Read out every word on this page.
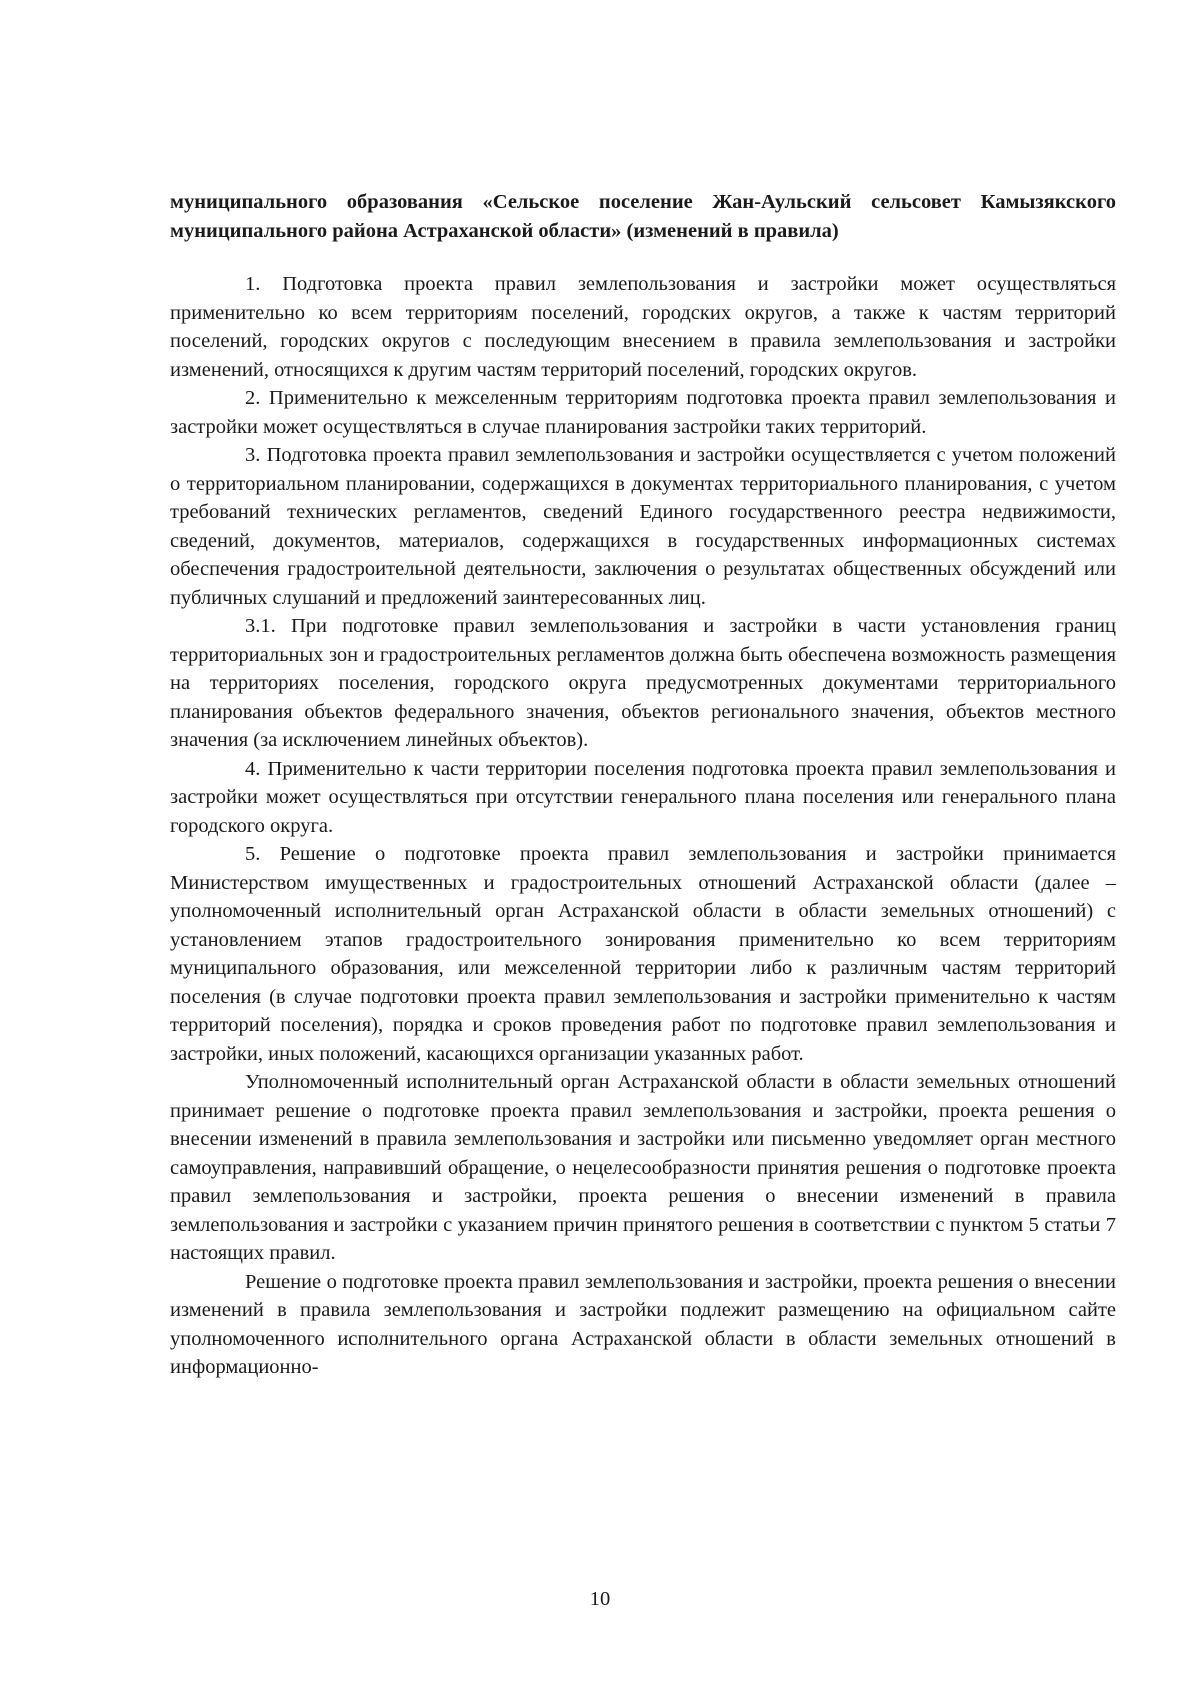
муниципального образования «Сельское поселение Жан-Аульский сельсовет Камызякского муниципального района Астраханской области» (изменений в правила)

1. Подготовка проекта правил землепользования и застройки может осуществляться применительно ко всем территориям поселений, городских округов, а также к частям территорий поселений, городских округов с последующим внесением в правила землепользования и застройки изменений, относящихся к другим частям территорий поселений, городских округов.

2. Применительно к межселенным территориям подготовка проекта правил землепользования и застройки может осуществляться в случае планирования застройки таких территорий.

3. Подготовка проекта правил землепользования и застройки осуществляется с учетом положений о территориальном планировании, содержащихся в документах территориального планирования, с учетом требований технических регламентов, сведений Единого государственного реестра недвижимости, сведений, документов, материалов, содержащихся в государственных информационных системах обеспечения градостроительной деятельности, заключения о результатах общественных обсуждений или публичных слушаний и предложений заинтересованных лиц.

3.1. При подготовке правил землепользования и застройки в части установления границ территориальных зон и градостроительных регламентов должна быть обеспечена возможность размещения на территориях поселения, городского округа предусмотренных документами территориального планирования объектов федерального значения, объектов регионального значения, объектов местного значения (за исключением линейных объектов).

4. Применительно к части территории поселения подготовка проекта правил землепользования и застройки может осуществляться при отсутствии генерального плана поселения или генерального плана городского округа.

5. Решение о подготовке проекта правил землепользования и застройки принимается Министерством имущественных и градостроительных отношений Астраханской области (далее – уполномоченный исполнительный орган Астраханской области в области земельных отношений) с установлением этапов градостроительного зонирования применительно ко всем территориям муниципального образования, или межселенной территории либо к различным частям территорий поселения (в случае подготовки проекта правил землепользования и застройки применительно к частям территорий поселения), порядка и сроков проведения работ по подготовке правил землепользования и застройки, иных положений, касающихся организации указанных работ.

Уполномоченный исполнительный орган Астраханской области в области земельных отношений принимает решение о подготовке проекта правил землепользования и застройки, проекта решения о внесении изменений в правила землепользования и застройки или письменно уведомляет орган местного самоуправления, направивший обращение, о нецелесообразности принятия решения о подготовке проекта правил землепользования и застройки, проекта решения о внесении изменений в правила землепользования и застройки с указанием причин принятого решения в соответствии с пунктом 5 статьи 7 настоящих правил.

Решение о подготовке проекта правил землепользования и застройки, проекта решения о внесении изменений в правила землепользования и застройки подлежит размещению на официальном сайте уполномоченного исполнительного органа Астраханской области в области земельных отношений в информационно-

10
